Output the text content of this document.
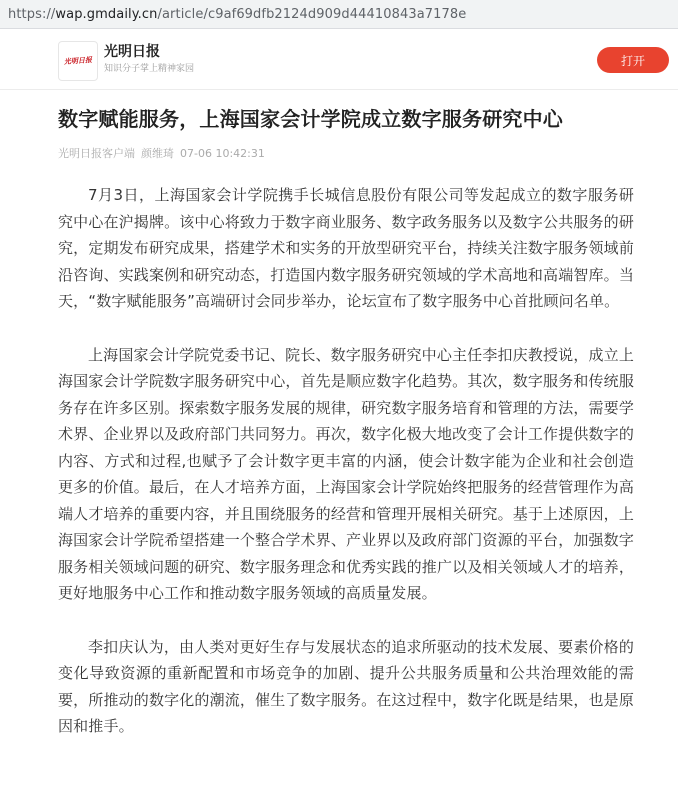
https:// wap.gmdaily.cn /article/c9af69dfb2124d909d44410843a7178e
光明日报
光明日报
知识分子掌上精神家园
打开
数字赋能服务，上海国家会计学院成立数字服务研究中心
光明日报客户端 颜维琦 07-06 10:42:31

7月3日，上海国家会计学院携手长城信息股份有限公司等发起成立的数字服务研究中心在沪揭牌。该中心将致力于数字商业服务、数字政务服务以及数字公共服务的研究，定期发布研究成果，搭建学术和实务的开放型研究平台，持续关注数字服务领域前沿咨询、实践案例和研究动态，打造国内数字服务研究领域的学术高地和高端智库。当天，“数字赋能服务”高端研讨会同步举办，论坛宣布了数字服务中心首批顾问名单。

上海国家会计学院党委书记、院长、数字服务研究中心主任李扣庆教授说，成立上海国家会计学院数字服务研究中心，首先是顺应数字化趋势。其次，数字服务和传统服务存在许多区别。探索数字服务发展的规律，研究数字服务培育和管理的方法，需要学术界、企业界以及政府部门共同努力。再次，数字化极大地改变了会计工作提供数字的内容、方式和过程,也赋予了会计数字更丰富的内涵，使会计数字能为企业和社会创造更多的价值。最后，在人才培养方面，上海国家会计学院始终把服务的经营管理作为高端人才培养的重要内容，并且围绕服务的经营和管理开展相关研究。基于上述原因，上海国家会计学院希望搭建一个整合学术界、产业界以及政府部门资源的平台，加强数字服务相关领域问题的研究、数字服务理念和优秀实践的推广以及相关领域人才的培养，更好地服务中心工作和推动数字服务领域的高质量发展。

李扣庆认为，由人类对更好生存与发展状态的追求所驱动的技术发展、要素价格的变化导致资源的重新配置和市场竞争的加剧、提升公共服务质量和公共治理效能的需要，所推动的数字化的潮流，催生了数字服务。在这过程中，数字化既是结果，也是原因和推手。
